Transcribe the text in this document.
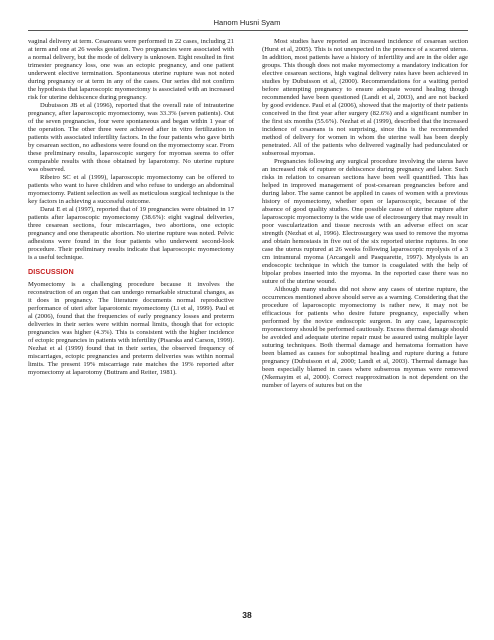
Hanom Husni Syam

vaginal delivery at term. Cesareans were performed in 22 cases, including 21 at term and one at 26 weeks gestation. Two pregnancies were associated with a normal delivery, but the mode of delivery is unknown. Eight resulted in first trimester pregnancy loss, one was an ectopic pregnancy, and one patient underwent elective termination. Spontaneous uterine rupture was not noted during pregnancy or at term in any of the cases. Our series did not confirm the hypothesis that laparoscopic myomectomy is associated with an increased risk for uterine dehiscence during pregnancy.

Dubuisson JB et al (1996), reported that the overall rate of intrauterine pregnancy, after laparoscopic myomectomy, was 33.3% (seven patients). Out of the seven pregnancies, four were spontaneous and began within 1 year of the operation. The other three were achieved after in vitro fertilization in patients with associated infertility factors. In the four patients who gave birth by cesarean section, no adhesions were found on the myomectomy scar. From these preliminary results, laparoscopic surgery for myomas seems to offer comparable results with those obtained by laparotomy. No uterine rupture was observed.

Ribeiro SC et al (1999), laparoscopic myomectomy can be offered to patients who want to have children and who refuse to undergo an abdominal myomectomy. Patient selection as well as meticulous surgical technique is the key factors in achieving a successful outcome.

Darai E et al (1997), reported that of 19 pregnancies were obtained in 17 patients after laparoscopic myomectomy (38.6%): eight vaginal deliveries, three cesarean sections, four miscarriages, two abortions, one ectopic pregnancy and one therapeutic abortion. No uterine rupture was noted. Pelvic adhesions were found in the four patients who underwent second-look procedure. Their preliminary results indicate that laparoscopic myomectomy is a useful technique.

DISCUSSION

Myomectomy is a challenging procedure because it involves the reconstruction of an organ that can undergo remarkable structural changes, as it does in pregnancy. The literature documents normal reproductive performance of uteri after laparotomic myomectomy (Li et al, 1999). Paul et al (2006), found that the frequencies of early pregnancy losses and preterm deliveries in their series were within normal limits, though that for ectopic pregnancies was higher (4.3%). This is consistent with the higher incidence of ectopic pregnancies in patients with infertility (Pisarska and Carson, 1999). Nezhat et al (1999) found that in their series, the observed frequency of miscarriages, ectopic pregnancies and preterm deliveries was within normal limits. The present 19% miscarriage rate matches the 19% reported after myomectomy at laparotomy (Buttram and Reiter, 1981).

Most studies have reported an increased incidence of cesarean section (Hurst et al, 2005). This is not unexpected in the presence of a scarred uterus. In addition, most patients have a history of infertility and are in the older age groups. This though does not make myomectomy a mandatory indication for elective cesarean sections, high vaginal delivery rates have been achieved in studies by Dubuisson et al, (2000). Recommendations for a waiting period before attempting pregnancy to ensure adequate wound healing though recommended have been questioned (Landi et al, 2003), and are not backed by good evidence. Paul et al (2006), showed that the majority of their patients conceived in the first year after surgery (82.6%) and a significant number in the first six months (55.6%). Nezhat et al (1999), described that the increased incidence of cesareans is not surprising, since this is the recommended method of delivery for women in whom the uterine wall has been deeply penetrated. All of the patients who delivered vaginally had pedunculated or subserosal myomas.

Pregnancies following any surgical procedure involving the uterus have an increased risk of rupture or dehiscence during pregnancy and labor. Such risks in relation to cesarean sections have been well quantified. This has helped in improved management of post-cesarean pregnancies before and during labor. The same cannot be applied in cases of women with a previous history of myomectomy, whether open or laparoscopic, because of the absence of good quality studies. One possible cause of uterine rupture after laparoscopic myomectomy is the wide use of electrosurgery that may result in poor vascularization and tissue necrosis with an adverse effect on scar strength (Nezhat et al, 1996). Electrosurgery was used to remove the myoma and obtain hemostasis in five out of the six reported uterine ruptures. In one case the uterus ruptured at 26 weeks following laparoscopic myolysis of a 3 cm intramural myoma (Arcangeli and Pasquarette, 1997). Myolysis is an endoscopic technique in which the tumor is coagulated with the help of bipolar probes inserted into the myoma. In the reported case there was no suture of the uterine wound.

Although many studies did not show any cases of uterine rupture, the occurrences mentioned above should serve as a warning. Considering that the procedure of laparoscopic myomectomy is rather new, it may not be efficacious for patients who desire future pregnancy, especially when performed by the novice endoscopic surgeon. In any case, laparoscopic myomectomy should be performed cautiously. Excess thermal damage should be avoided and adequate uterine repair must be assured using multiple layer suturing techniques. Both thermal damage and hematoma formation have been blamed as causes for suboptimal healing and rupture during a future pregnancy (Dubuisson et al, 2000; Landi et al, 2003). Thermal damage has been especially blamed in cases where subserous myomas were removed (Nkemayim et al, 2000). Correct reapproximation is not dependent on the number of layers of sutures but on the

38
